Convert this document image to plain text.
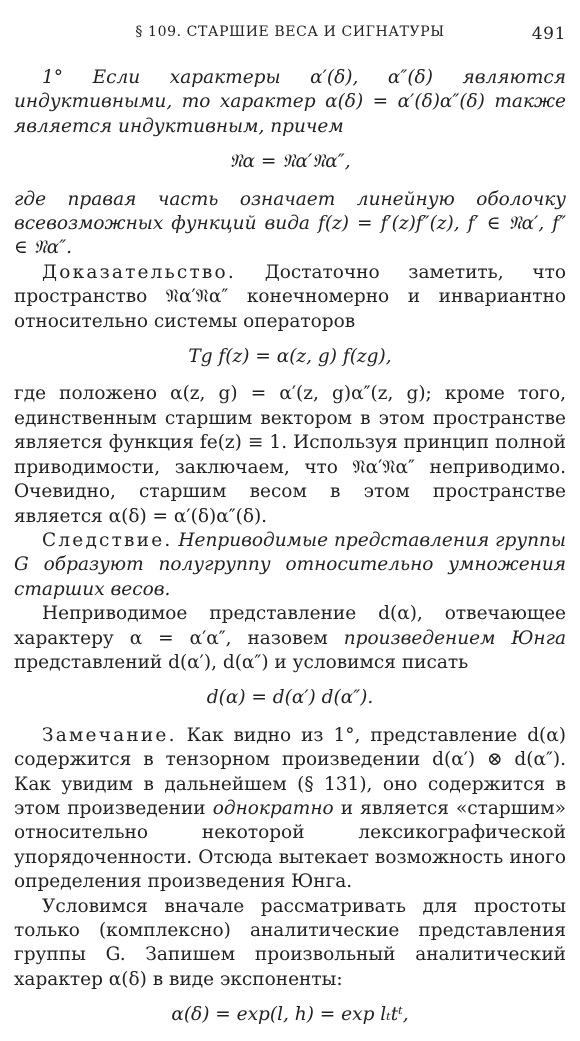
§ 109. СТАРШИЕ ВЕСА И СИГНАТУРЫ	491

1° Если характеры α′(δ), α″(δ) являются индуктивными, то характер α(δ) = α′(δ)α″(δ) также является индуктивным, причем

𝔑α = 𝔑α′𝔑α″,

где правая часть означает линейную оболочку всевозможных функций вида f(z) = f′(z)f″(z), f′ ∈ 𝔑α′, f″ ∈ 𝔑α″.

Доказательство. Достаточно заметить, что пространство 𝔑α′𝔑α″ конечномерно и инвариантно относительно системы операторов

Tg f(z) = α(z, g) f(zg),

где положено α(z, g) = α′(z, g)α″(z, g); кроме того, единственным старшим вектором в этом пространстве является функция fe(z) ≡ 1. Используя принцип полной приводимости, заключаем, что 𝔑α′𝔑α″ неприводимо. Очевидно, старшим весом в этом пространстве является α(δ) = α′(δ)α″(δ).

Следствие. Неприводимые представления группы G образуют полугруппу относительно умножения старших весов.

Неприводимое представление d(α), отвечающее характеру α = α′α″, назовем произведением Юнга представлений d(α′), d(α″) и условимся писать

d(α) = d(α′) d(α″).

Замечание. Как видно из 1°, представление d(α) содержится в тензорном произведении d(α′) ⊗ d(α″). Как увидим в дальнейшем (§ 131), оно содержится в этом произведении однократно и является «старшим» относительно некоторой лексикографической упорядоченности. Отсюда вытекает возможность иного определения произведения Юнга.

Условимся вначале рассматривать для простоты только (комплексно) аналитические представления группы G. Запишем произвольный аналитический характер α(δ) в виде экспоненты:

α(δ) = exp(l, h) = exp lₜtᵗ,
